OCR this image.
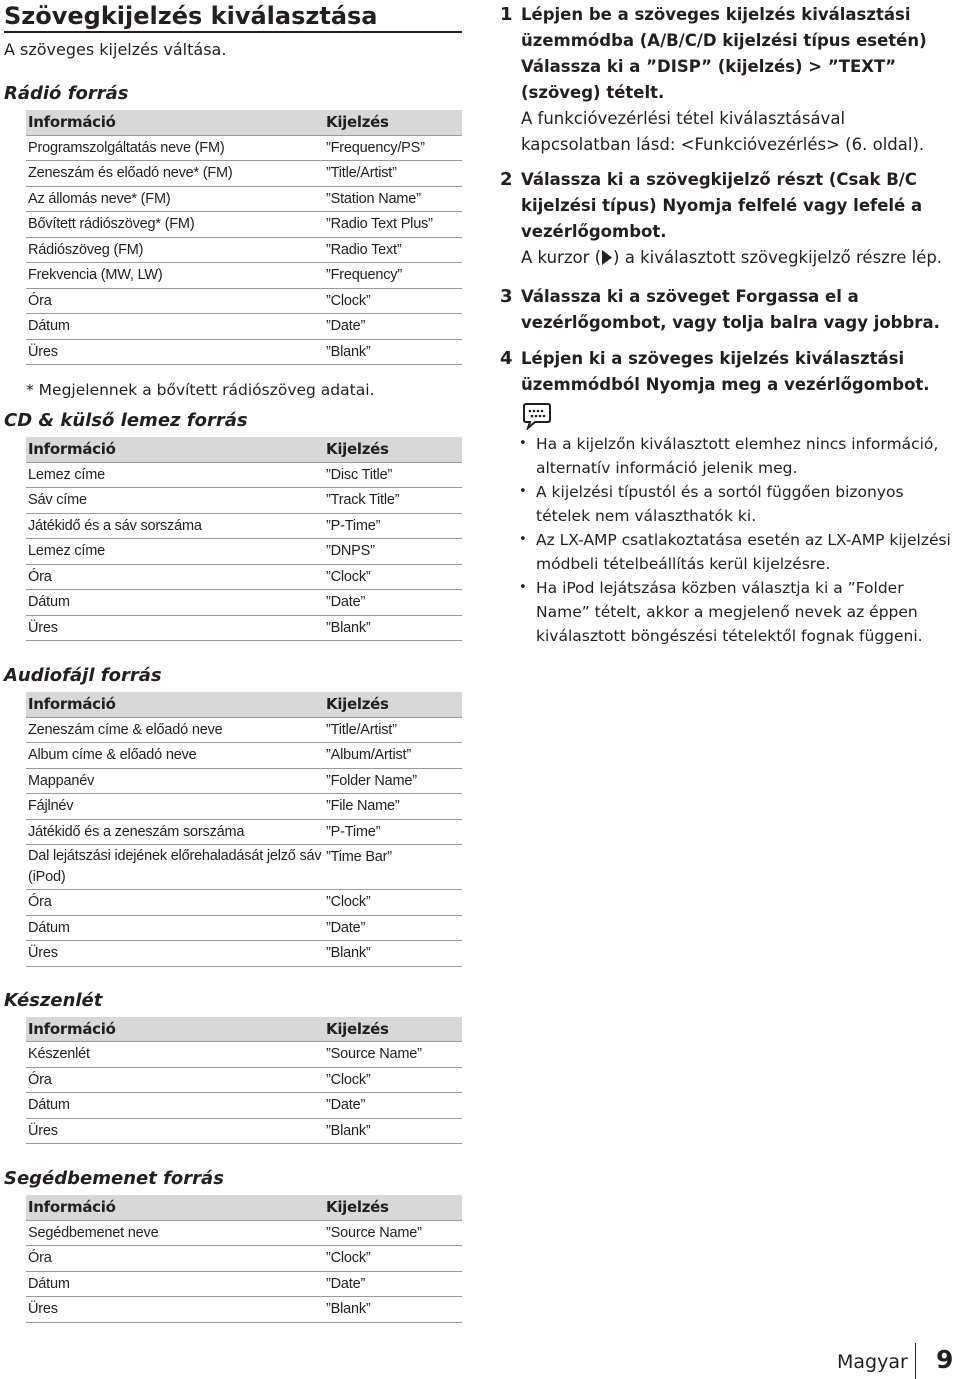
Szövegkijelzés kiválasztása
A szöveges kijelzés váltása.
Rádió forrás
Információ	Kijelzés
Programszolgáltatás neve (FM)	”Frequency/PS”
Zeneszám és előadó neve* (FM)	”Title/Artist”
Az állomás neve* (FM)	”Station Name”
Bővített rádiószöveg* (FM)	”Radio Text Plus”
Rádiószöveg (FM)	”Radio Text”
Frekvencia (MW, LW)	”Frequency”
Óra	”Clock”
Dátum	”Date”
Üres	”Blank”
* Megjelennek a bővített rádiószöveg adatai.
CD & külső lemez forrás
Információ	Kijelzés
Lemez címe	”Disc Title”
Sáv címe	”Track Title”
Játékidő és a sáv sorszáma	”P-Time”
Lemez címe	”DNPS”
Óra	”Clock”
Dátum	”Date”
Üres	”Blank”
Audiofájl forrás
Információ	Kijelzés
Zeneszám címe & előadó neve	”Title/Artist”
Album címe & előadó neve	”Album/Artist”
Mappanév	”Folder Name”
Fájlnév	”File Name”
Játékidő és a zeneszám sorszáma	”P-Time”
Dal lejátszási idejének előrehaladását jelző sáv (iPod)	”Time Bar”
Óra	”Clock”
Dátum	”Date”
Üres	”Blank”
Készenlét
Információ	Kijelzés
Készenlét	”Source Name”
Óra	”Clock”
Dátum	”Date”
Üres	”Blank”
Segédbemenet forrás
Információ	Kijelzés
Segédbemenet neve	”Source Name”
Óra	”Clock”
Dátum	”Date”
Üres	”Blank”
1 Lépjen be a szöveges kijelzés kiválasztási üzemmódba (A/B/C/D kijelzési típus esetén) Válassza ki a ”DISP” (kijelzés) > ”TEXT” (szöveg) tételt.
A funkcióvezérlési tétel kiválasztásával kapcsolatban lásd: <Funkcióvezérlés> (6. oldal).
2 Válassza ki a szövegkijelző részt (Csak B/C kijelzési típus) Nyomja felfelé vagy lefelé a vezérlőgombot.
A kurzor ( ) a kiválasztott szövegkijelző részre lép.
3 Válassza ki a szöveget Forgassa el a vezérlőgombot, vagy tolja balra vagy jobbra.
4 Lépjen ki a szöveges kijelzés kiválasztási üzemmódból Nyomja meg a vezérlőgombot.
• Ha a kijelzőn kiválasztott elemhez nincs információ, alternatív információ jelenik meg.
• A kijelzési típustól és a sortól függően bizonyos tételek nem választhatók ki.
• Az LX-AMP csatlakoztatása esetén az LX-AMP kijelzési módbeli tételbeállítás kerül kijelzésre.
• Ha iPod lejátszása közben választja ki a ”Folder Name” tételt, akkor a megjelenő nevek az éppen kiválasztott böngészési tételektől fognak függeni.
Magyar 9
